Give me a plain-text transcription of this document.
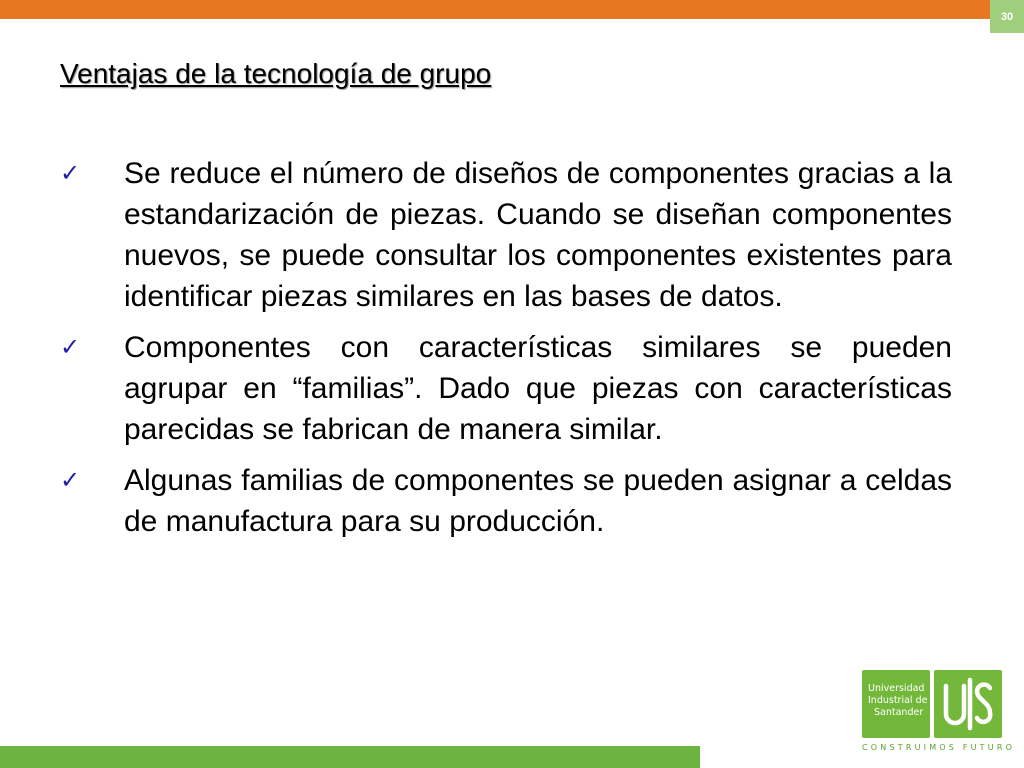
30
Ventajas de la tecnología de grupo
✓	Se reduce el número de diseños de componentes gracias a la estandarización de piezas. Cuando se diseñan componentes nuevos, se puede consultar los componentes existentes para identificar piezas similares en las bases de datos.
✓	Componentes con características similares se pueden agrupar en “familias”. Dado que piezas con características parecidas se fabrican de manera similar.
✓	Algunas familias de componentes se pueden asignar a celdas de manufactura para su producción.
Universidad
Industrial de
Santander
CONSTRUIMOS FUTURO
